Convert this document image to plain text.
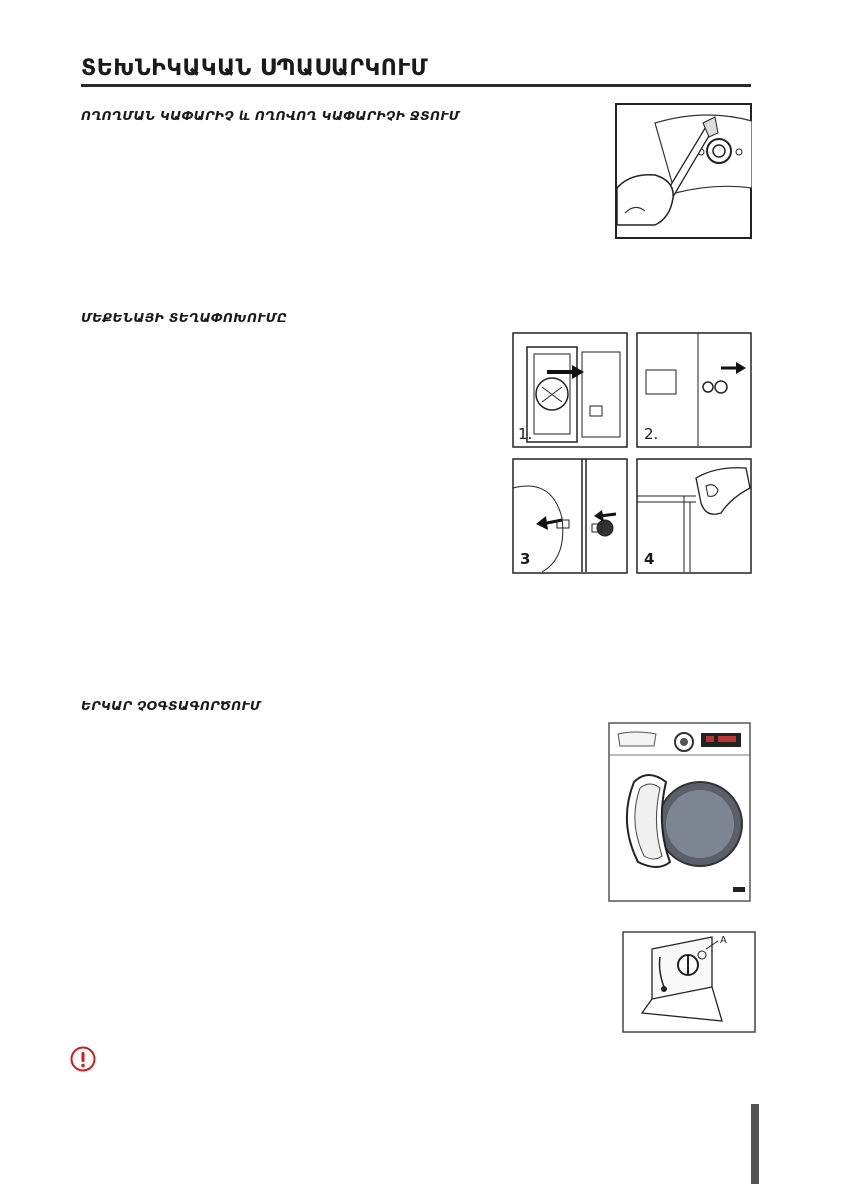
ՏԵԽՆԻԿԱԿԱՆ ՍՊԱՍԱՐԿՈՒՄ
ՈՂՈՂՄԱՆ ԿԱՓԱՐԻՉ և ՈՂՈՎՈՂ ԿԱՓԱՐԻՉԻ ՋՏՈՒՄ
ՄԵՔԵՆԱՅԻ ՏԵՂԱՓՈԽՈՒՄԸ
1.	2.
3	4
ԵՐԿԱՐ ՉՕԳՏԱԳՈՐԾՈՒՄ
A
